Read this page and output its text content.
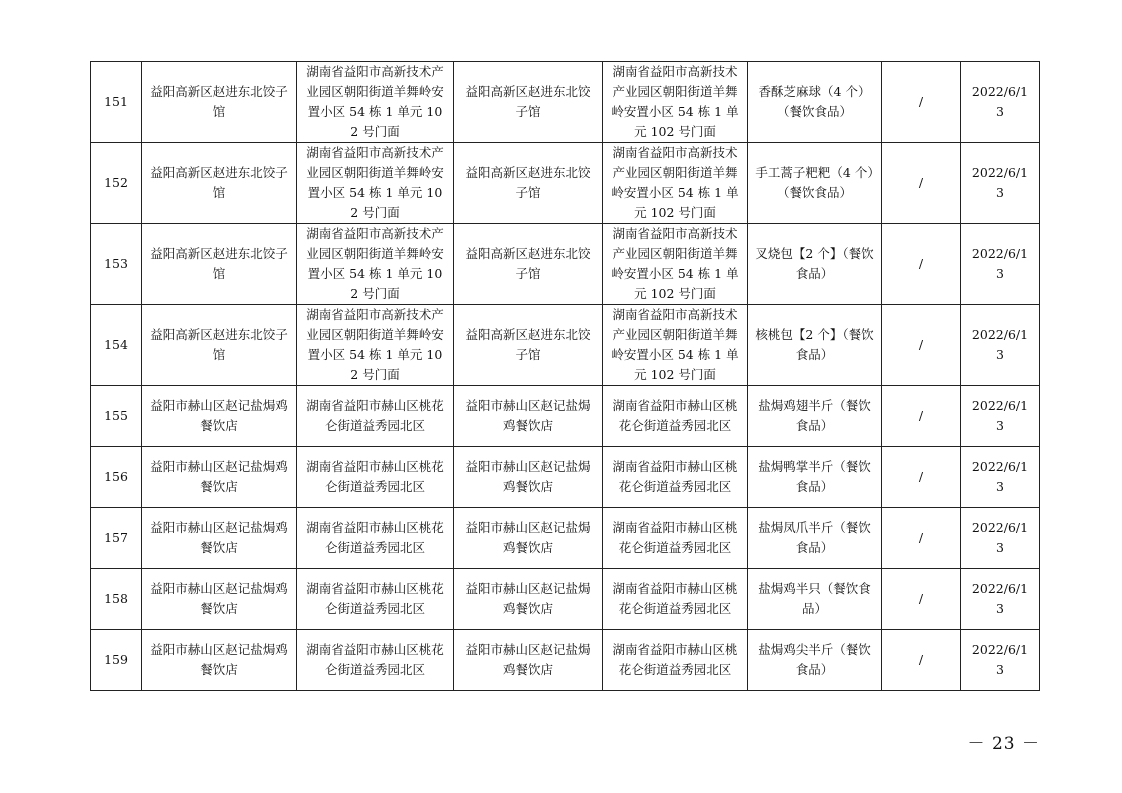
151	益阳高新区赵进东北饺子馆	湖南省益阳市高新技术产业园区朝阳街道羊舞岭安置小区 54 栋 1 单元 102 号门面	益阳高新区赵进东北饺子馆	湖南省益阳市高新技术产业园区朝阳街道羊舞岭安置小区 54 栋 1 单元 102 号门面	香酥芝麻球（4 个）（餐饮食品）	/	2022/6/13
152	益阳高新区赵进东北饺子馆	湖南省益阳市高新技术产业园区朝阳街道羊舞岭安置小区 54 栋 1 单元 102 号门面	益阳高新区赵进东北饺子馆	湖南省益阳市高新技术产业园区朝阳街道羊舞岭安置小区 54 栋 1 单元 102 号门面	手工蒿子粑粑（4 个）（餐饮食品）	/	2022/6/13
153	益阳高新区赵进东北饺子馆	湖南省益阳市高新技术产业园区朝阳街道羊舞岭安置小区 54 栋 1 单元 102 号门面	益阳高新区赵进东北饺子馆	湖南省益阳市高新技术产业园区朝阳街道羊舞岭安置小区 54 栋 1 单元 102 号门面	叉烧包【2 个】（餐饮食品）	/	2022/6/13
154	益阳高新区赵进东北饺子馆	湖南省益阳市高新技术产业园区朝阳街道羊舞岭安置小区 54 栋 1 单元 102 号门面	益阳高新区赵进东北饺子馆	湖南省益阳市高新技术产业园区朝阳街道羊舞岭安置小区 54 栋 1 单元 102 号门面	核桃包【2 个】（餐饮食品）	/	2022/6/13
155	益阳市赫山区赵记盐焗鸡餐饮店	湖南省益阳市赫山区桃花仑街道益秀园北区	益阳市赫山区赵记盐焗鸡餐饮店	湖南省益阳市赫山区桃花仑街道益秀园北区	盐焗鸡翅半斤（餐饮食品）	/	2022/6/13
156	益阳市赫山区赵记盐焗鸡餐饮店	湖南省益阳市赫山区桃花仑街道益秀园北区	益阳市赫山区赵记盐焗鸡餐饮店	湖南省益阳市赫山区桃花仑街道益秀园北区	盐焗鸭掌半斤（餐饮食品）	/	2022/6/13
157	益阳市赫山区赵记盐焗鸡餐饮店	湖南省益阳市赫山区桃花仑街道益秀园北区	益阳市赫山区赵记盐焗鸡餐饮店	湖南省益阳市赫山区桃花仑街道益秀园北区	盐焗凤爪半斤（餐饮食品）	/	2022/6/13
158	益阳市赫山区赵记盐焗鸡餐饮店	湖南省益阳市赫山区桃花仑街道益秀园北区	益阳市赫山区赵记盐焗鸡餐饮店	湖南省益阳市赫山区桃花仑街道益秀园北区	盐焗鸡半只（餐饮食品）	/	2022/6/13
159	益阳市赫山区赵记盐焗鸡餐饮店	湖南省益阳市赫山区桃花仑街道益秀园北区	益阳市赫山区赵记盐焗鸡餐饮店	湖南省益阳市赫山区桃花仑街道益秀园北区	盐焗鸡尖半斤（餐饮食品）	/	2022/6/13
－ 23 －
